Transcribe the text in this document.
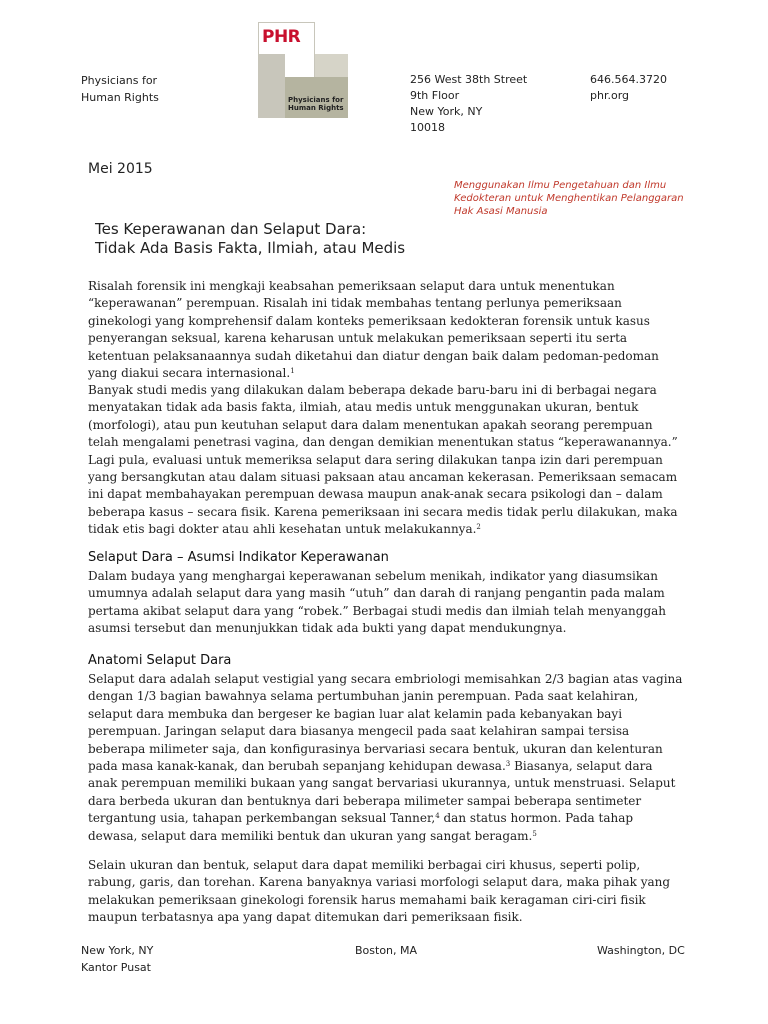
Physicians for
Human Rights
PHR
Physicians for
Human Rights
256 West 38th Street
9th Floor
New York, NY
10018
646.564.3720
phr.org
Mei 2015
Menggunakan Ilmu Pengetahuan dan Ilmu Kedokteran untuk Menghentikan Pelanggaran Hak Asasi Manusia
Tes Keperawanan dan Selaput Dara:
Tidak Ada Basis Fakta, Ilmiah, atau Medis

Risalah forensik ini mengkaji keabsahan pemeriksaan selaput dara untuk menentukan “keperawanan” perempuan. Risalah ini tidak membahas tentang perlunya pemeriksaan ginekologi yang komprehensif dalam konteks pemeriksaan kedokteran forensik untuk kasus penyerangan seksual, karena keharusan untuk melakukan pemeriksaan seperti itu serta ketentuan pelaksanaannya sudah diketahui dan diatur dengan baik dalam pedoman-pedoman yang diakui secara internasional.$^1$

Banyak studi medis yang dilakukan dalam beberapa dekade baru-baru ini di berbagai negara menyatakan tidak ada basis fakta, ilmiah, atau medis untuk menggunakan ukuran, bentuk (morfologi), atau pun keutuhan selaput dara dalam menentukan apakah seorang perempuan telah mengalami penetrasi vagina, dan dengan demikian menentukan status “keperawanannya.” Lagi pula, evaluasi untuk memeriksa selaput dara sering dilakukan tanpa izin dari perempuan yang bersangkutan atau dalam situasi paksaan atau ancaman kekerasan. Pemeriksaan semacam ini dapat membahayakan perempuan dewasa maupun anak-anak secara psikologi dan – dalam beberapa kasus – secara fisik. Karena pemeriksaan ini secara medis tidak perlu dilakukan, maka tidak etis bagi dokter atau ahli kesehatan untuk melakukannya.$^2$

Selaput Dara – Asumsi Indikator Keperawanan

Dalam budaya yang menghargai keperawanan sebelum menikah, indikator yang diasumsikan umumnya adalah selaput dara yang masih “utuh” dan darah di ranjang pengantin pada malam pertama akibat selaput dara yang “robek.” Berbagai studi medis dan ilmiah telah menyanggah asumsi tersebut dan menunjukkan tidak ada bukti yang dapat mendukungnya.

Anatomi Selaput Dara

Selaput dara adalah selaput vestigial yang secara embriologi memisahkan 2/3 bagian atas vagina dengan 1/3 bagian bawahnya selama pertumbuhan janin perempuan. Pada saat kelahiran, selaput dara membuka dan bergeser ke bagian luar alat kelamin pada kebanyakan bayi perempuan. Jaringan selaput dara biasanya mengecil pada saat kelahiran sampai tersisa beberapa milimeter saja, dan konfigurasinya bervariasi secara bentuk, ukuran dan kelenturan pada masa kanak-kanak, dan berubah sepanjang kehidupan dewasa.$^3$ Biasanya, selaput dara anak perempuan memiliki bukaan yang sangat bervariasi ukurannya, untuk menstruasi. Selaput dara berbeda ukuran dan bentuknya dari beberapa milimeter sampai beberapa sentimeter tergantung usia, tahapan perkembangan seksual Tanner,$^4$ dan status hormon. Pada tahap dewasa, selaput dara memiliki bentuk dan ukuran yang sangat beragam.$^5$

Selain ukuran dan bentuk, selaput dara dapat memiliki berbagai ciri khusus, seperti polip, rabung, garis, dan torehan. Karena banyaknya variasi morfologi selaput dara, maka pihak yang melakukan pemeriksaan ginekologi forensik harus memahami baik keragaman ciri-ciri fisik maupun terbatasnya apa yang dapat ditemukan dari pemeriksaan fisik.

New York, NY
Kantor Pusat
Boston, MA	Washington, DC
